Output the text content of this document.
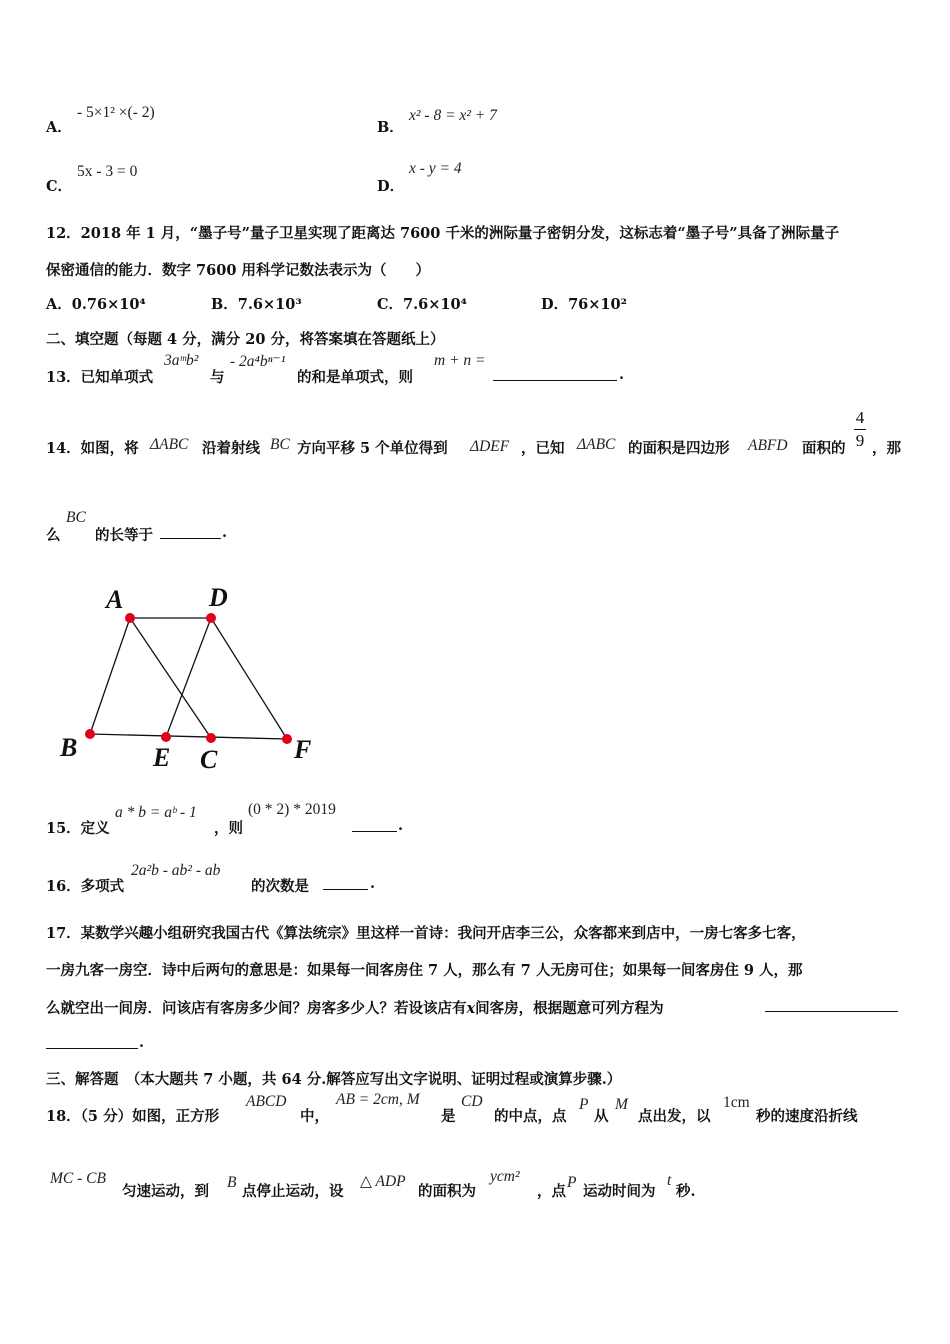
A．
- 5×1² ×(- 2)
B．
x² - 8 = x² + 7
C．
5x - 3 = 0
D．
x - y = 4
12．2018 年 1 月，“墨子号”量子卫星实现了距离达 7600 千米的洲际量子密钥分发，这标志着“墨子号”具备了洲际量子
保密通信的能力．数字 7600 用科学记数法表示为（　　）
A．0.76×10⁴	B．7.6×10³	C．7.6×10⁴	D．76×10²
二、填空题（每题 4 分，满分 20 分，将答案填在答题纸上）
13．已知单项式
3aᵐb²
与
- 2a⁴bⁿ⁻¹
的和是单项式，则
m + n =
.
14．如图，将 ΔABC 沿着射线 BC 方向平移 5 个单位得到 ΔDEF ，已知 ΔABC 的面积是四边形 ABFD 面积的
4
9 ，那
么
BC
的长等于	.
A	D
B	E C	F
15．定义
a * b = aᵇ - 1
，则
(0 * 2) * 2019
.
16．多项式
2a²b - ab² - ab
的次数是	.
17．某数学兴趣小组研究我国古代《算法统宗》里这样一首诗：我问开店李三公，众客都来到店中，一房七客多七客，
一房九客一房空．诗中后两句的意思是：如果每一间客房住 7 人，那么有 7 人无房可住；如果每一间客房住 9 人，那
么就空出一间房．问该店有客房多少间？房客多少人？若设该店有x间客房，根据题意可列方程为
.
三、解答题　（本大题共 7 小题，共 64 分.解答应写出文字说明、证明过程或演算步骤.）
18．（5 分）如图，正方形
ABCD
中，
AB = 2cm, M
是
CD
的中点，点
P
从
M
点出发，以
1cm
秒的速度沿折线
MC - CB
匀速运动，到
B
点停止运动，设
△ ADP
的面积为
ycm²
，点
P
运动时间为
t
秒.
